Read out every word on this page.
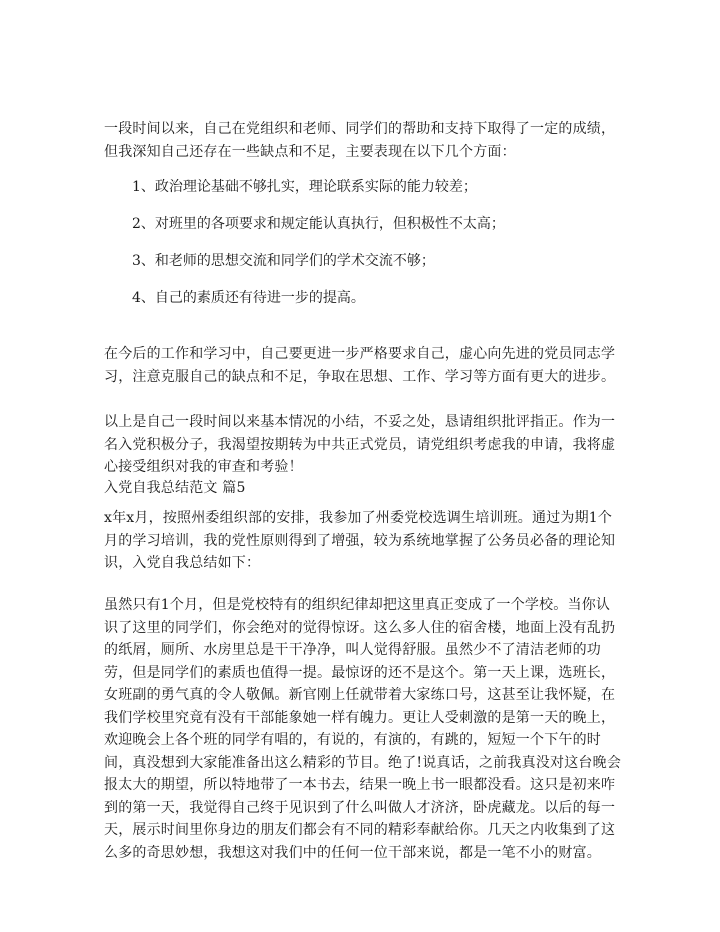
一段时间以来，自己在党组织和老师、同学们的帮助和支持下取得了一定的成绩，但我深知自己还存在一些缺点和不足，主要表现在以下几个方面：
1、政治理论基础不够扎实，理论联系实际的能力较差；
2、对班里的各项要求和规定能认真执行，但积极性不太高；
3、和老师的思想交流和同学们的学术交流不够；
4、自己的素质还有待进一步的提高。
在今后的工作和学习中，自己要更进一步严格要求自己，虚心向先进的党员同志学习，注意克服自己的缺点和不足，争取在思想、工作、学习等方面有更大的进步。
以上是自己一段时间以来基本情况的小结，不妥之处，恳请组织批评指正。作为一名入党积极分子，我渴望按期转为中共正式党员，请党组织考虑我的申请，我将虚心接受组织对我的审查和考验！
入党自我总结范文 篇5
x年x月，按照州委组织部的安排，我参加了州委党校选调生培训班。通过为期1个月的学习培训，我的党性原则得到了增强，较为系统地掌握了公务员必备的理论知识，入党自我总结如下：
虽然只有1个月，但是党校特有的组织纪律却把这里真正变成了一个学校。当你认识了这里的同学们，你会绝对的觉得惊讶。这么多人住的宿舍楼，地面上没有乱扔的纸屑，厕所、水房里总是干干净净，叫人觉得舒服。虽然少不了清洁老师的功劳，但是同学们的素质也值得一提。最惊讶的还不是这个。第一天上课，选班长，女班副的勇气真的令人敬佩。新官刚上任就带着大家练口号，这甚至让我怀疑，在我们学校里究竟有没有干部能象她一样有魄力。更让人受刺激的是第一天的晚上，欢迎晚会上各个班的同学有唱的，有说的，有演的，有跳的，短短一个下午的时间，真没想到大家能准备出这么精彩的节目。绝了!说真话，之前我真没对这台晚会报太大的期望，所以特地带了一本书去，结果一晚上书一眼都没看。这只是初来咋到的第一天，我觉得自己终于见识到了什么叫做人才济济，卧虎藏龙。以后的每一天，展示时间里你身边的朋友们都会有不同的精彩奉献给你。几天之内收集到了这么多的奇思妙想，我想这对我们中的任何一位干部来说，都是一笔不小的财富。
